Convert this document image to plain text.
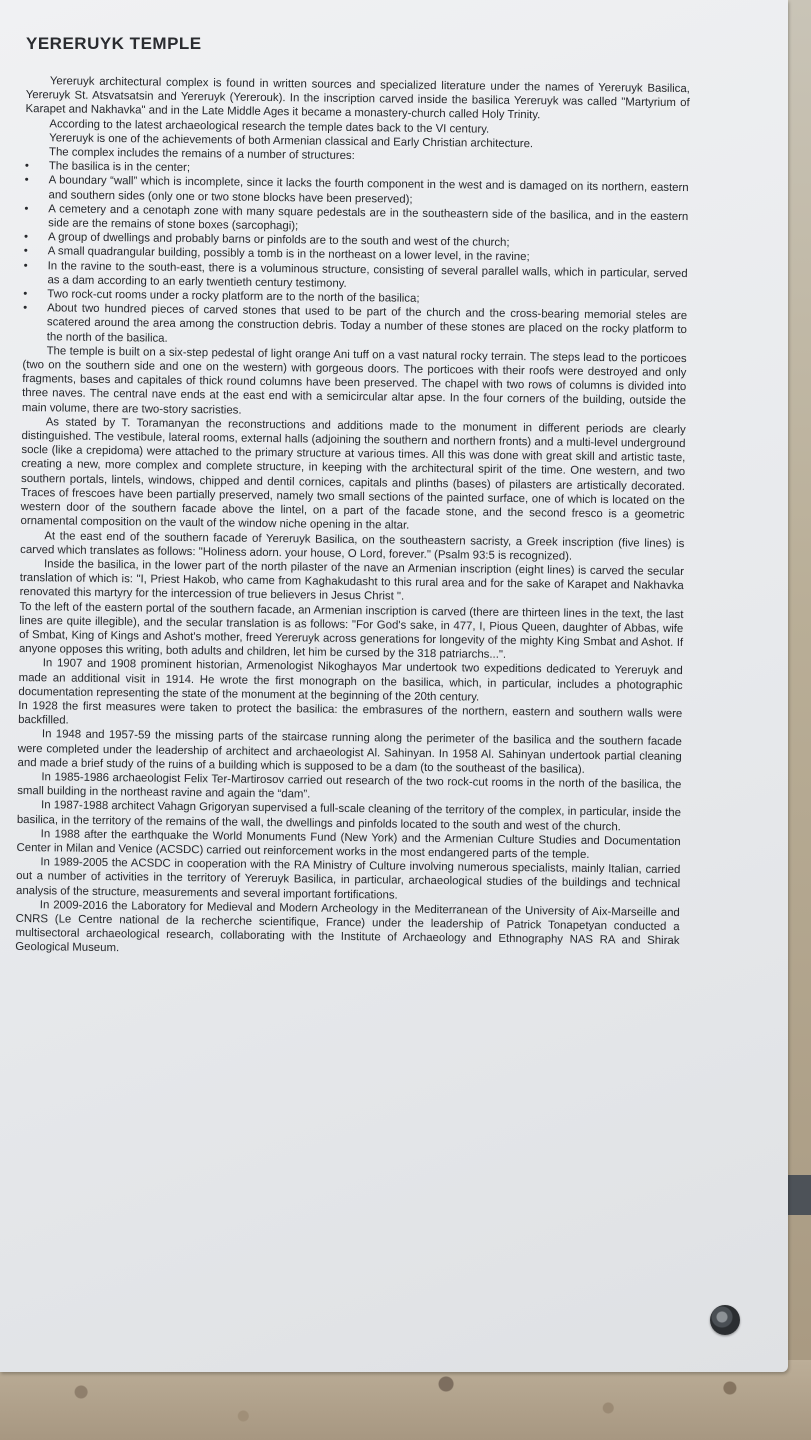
YERERUYK TEMPLE

Yereruyk architectural complex is found in written sources and specialized literature under the names of Yereruyk Basilica, Yereruyk St. Atsvatsatsin and Yereruyk (Yererouk). In the inscription carved inside the basilica Yereruyk was called "Martyrium of Karapet and Nakhavka" and in the Late Middle Ages it became a monastery-church called Holy Trinity.

According to the latest archaeological research the temple dates back to the VI century.

Yereruyk is one of the achievements of both Armenian classical and Early Christian architecture.

The complex includes the remains of a number of structures:

• The basilica is in the center;

• A boundary “wall” which is incomplete, since it lacks the fourth component in the west and is damaged on its northern, eastern and southern sides (only one or two stone blocks have been preserved);

• A cemetery and a cenotaph zone with many square pedestals are in the southeastern side of the basilica, and in the eastern side are the remains of stone boxes (sarcophagi);

• A group of dwellings and probably barns or pinfolds are to the south and west of the church;

• A small quadrangular building, possibly a tomb is in the northeast on a lower level, in the ravine;

• In the ravine to the south-east, there is a voluminous structure, consisting of several parallel walls, which in particular, served as a dam according to an early twentieth century testimony.

• Two rock-cut rooms under a rocky platform are to the north of the basilica;

• About two hundred pieces of carved stones that used to be part of the church and the cross-bearing memorial steles are scatered around the area among the construction debris. Today a number of these stones are placed on the rocky platform to the north of the basilica.

The temple is built on a six-step pedestal of light orange Ani tuff on a vast natural rocky terrain. The steps lead to the porticoes (two on the southern side and one on the western) with gorgeous doors. The porticoes with their roofs were destroyed and only fragments, bases and capitales of thick round columns have been preserved. The chapel with two rows of columns is divided into three naves. The central nave ends at the east end with a semicircular altar apse. In the four corners of the building, outside the main volume, there are two-story sacristies.

As stated by T. Toramanyan the reconstructions and additions made to the monument in different periods are clearly distinguished. The vestibule, lateral rooms, external halls (adjoining the southern and northern fronts) and a multi-level underground socle (like a crepidoma) were attached to the primary structure at various times. All this was done with great skill and artistic taste, creating a new, more complex and complete structure, in keeping with the architectural spirit of the time. One western, and two southern portals, lintels, windows, chipped and dentil cornices, capitals and plinths (bases) of pilasters are artistically decorated. Traces of frescoes have been partially preserved, namely two small sections of the painted surface, one of which is located on the western door of the southern facade above the lintel, on a part of the facade stone, and the second fresco is a geometric ornamental composition on the vault of the window niche opening in the altar.

At the east end of the southern facade of Yereruyk Basilica, on the southeastern sacristy, a Greek inscription (five lines) is carved which translates as follows: "Holiness adorn. your house, O Lord, forever." (Psalm 93:5 is recognized).

Inside the basilica, in the lower part of the north pilaster of the nave an Armenian inscription (eight lines) is carved the secular translation of which is: "I, Priest Hakob, who came from Kaghakudasht to this rural area and for the sake of Karapet and Nakhavka renovated this martyry for the intercession of true believers in Jesus Christ ".

To the left of the eastern portal of the southern facade, an Armenian inscription is carved (there are thirteen lines in the text, the last lines are quite illegible), and the secular translation is as follows: "For God's sake, in 477, I, Pious Queen, daughter of Abbas, wife of Smbat, King of Kings and Ashot's mother, freed Yereruyk across generations for longevity of the mighty King Smbat and Ashot. If anyone opposes this writing, both adults and children, let him be cursed by the 318 patriarchs...".

In 1907 and 1908 prominent historian, Armenologist Nikoghayos Mar undertook two expeditions dedicated to Yereruyk and made an additional visit in 1914. He wrote the first monograph on the basilica, which, in particular, includes a photographic documentation representing the state of the monument at the beginning of the 20th century.

In 1928 the first measures were taken to protect the basilica: the embrasures of the northern, eastern and southern walls were backfilled.

In 1948 and 1957-59 the missing parts of the staircase running along the perimeter of the basilica and the southern facade were completed under the leadership of architect and archaeologist Al. Sahinyan. In 1958 Al. Sahinyan undertook partial cleaning and made a brief study of the ruins of a building which is supposed to be a dam (to the southeast of the basilica).

In 1985-1986 archaeologist Felix Ter-Martirosov carried out research of the two rock-cut rooms in the north of the basilica, the small building in the northeast ravine and again the “dam”.

In 1987-1988 architect Vahagn Grigoryan supervised a full-scale cleaning of the territory of the complex, in particular, inside the basilica, in the territory of the remains of the wall, the dwellings and pinfolds located to the south and west of the church.

In 1988 after the earthquake the World Monuments Fund (New York) and the Armenian Culture Studies and Documentation Center in Milan and Venice (ACSDC) carried out reinforcement works in the most endangered parts of the temple.

In 1989-2005 the ACSDC in cooperation with the RA Ministry of Culture involving numerous specialists, mainly Italian, carried out a number of activities in the territory of Yereruyk Basilica, in particular, archaeological studies of the buildings and technical analysis of the structure, measurements and several important fortifications.

In 2009-2016 the Laboratory for Medieval and Modern Archeology in the Mediterranean of the University of Aix-Marseille and CNRS (Le Centre national de la recherche scientifique, France) under the leadership of Patrick Tonapetyan conducted a multisectoral archaeological research, collaborating with the Institute of Archaeology and Ethnography NAS RA and Shirak Geological Museum.
